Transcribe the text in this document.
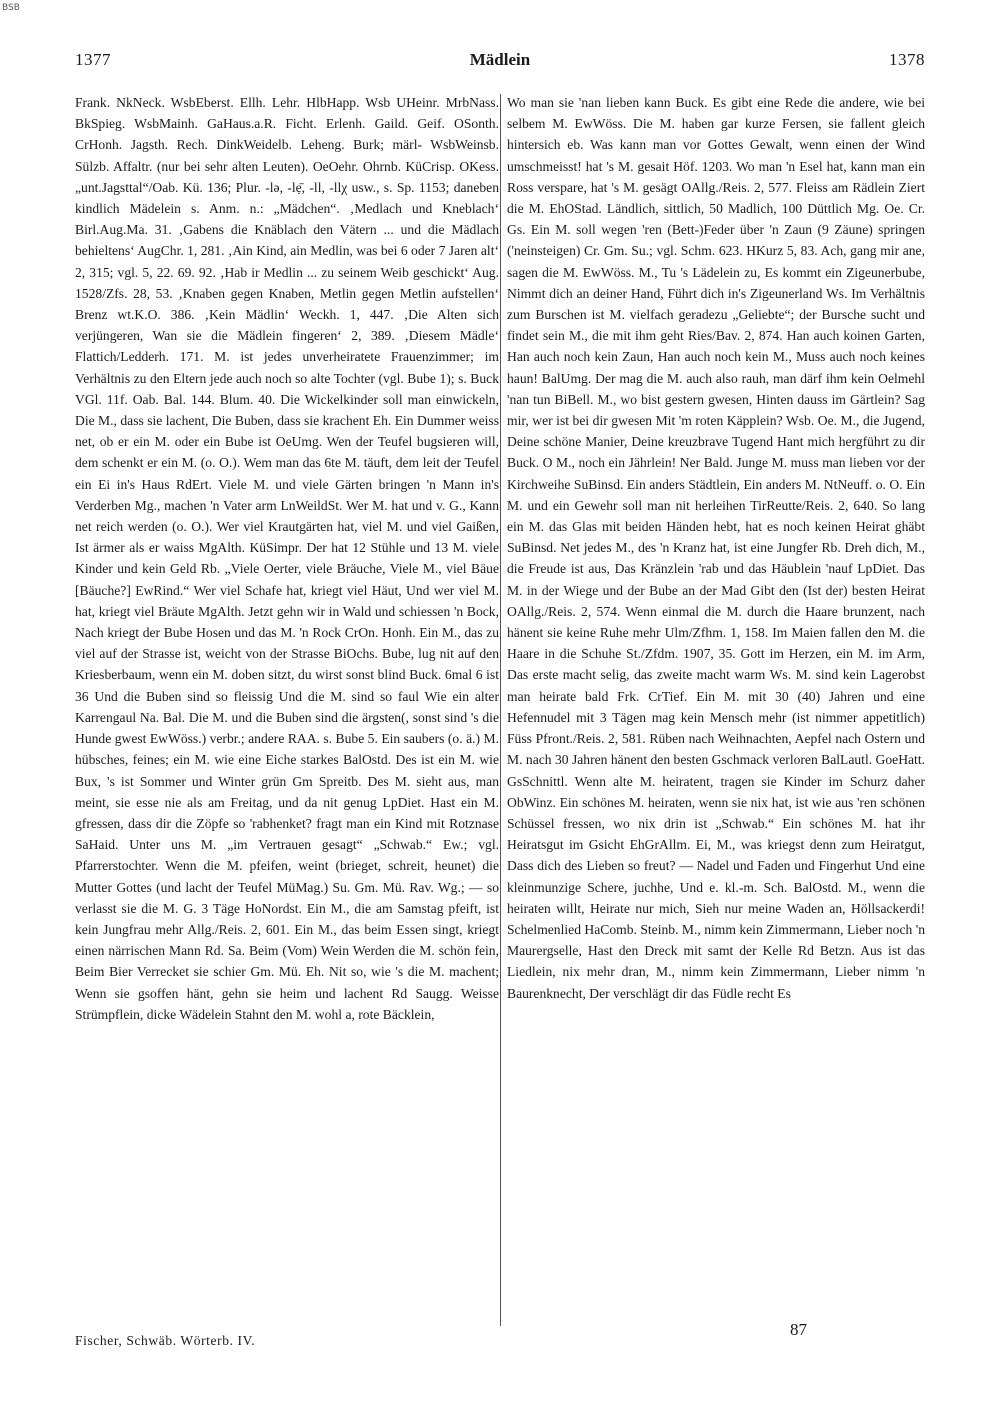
BSB
1377	Mädlein	1378

Frank. NkNeck. WsbEberst. Ellh. Lehr. HlbHapp. Wsb UHeinr. MrbNass. BkSpieg. WsbMainh. GaHaus.a.R. Ficht. Erlenh. Gaild. Geif. OSonth. CrHonh. Jagsth. Rech. DinkWeidelb. Leheng. Burk; märl- WsbWeinsb. Sülzb. Affaltr. (nur bei sehr alten Leuten). OeOehr. Ohrnb. KüCrisp. OKess. „unt.Jagsttal“/Oab. Kü. 136; Plur. -lə, -lẹ̄, -ll, -llχ usw., s. Sp. 1153; daneben kindlich Mädelein s. Anm. n.: „Mädchen“. ‚Medlach und Kneblach‘ Birl.Aug.Ma. 31. ‚Gabens die Knäblach den Vätern ... und die Mädlach behieltens‘ AugChr. 1, 281. ‚Ain Kind, ain Medlin, was bei 6 oder 7 Jaren alt‘ 2, 315; vgl. 5, 22. 69. 92. ‚Hab ir Medlin ... zu seinem Weib geschickt‘ Aug. 1528/Zfs. 28, 53. ‚Knaben gegen Knaben, Metlin gegen Metlin aufstellen‘ Brenz wt.K.O. 386. ‚Kein Mädlin‘ Weckh. 1, 447. ‚Die Alten sich verjüngeren, Wan sie die Mädlein fingeren‘ 2, 389. ‚Diesem Mädle‘ Flattich/Ledderh. 171. M. ist jedes unverheiratete Frauenzimmer; im Verhältnis zu den Eltern jede auch noch so alte Tochter (vgl. Bube 1); s. Buck VGl. 11f. Oab. Bal. 144. Blum. 40. Die Wickelkinder soll man einwickeln, Die M., dass sie lachent, Die Buben, dass sie krachent Eh. Ein Dummer weiss net, ob er ein M. oder ein Bube ist OeUmg. Wen der Teufel bugsieren will, dem schenkt er ein M. (o. O.). Wem man das 6te M. täuft, dem leit der Teufel ein Ei in's Haus RdErt. Viele M. und viele Gärten bringen 'n Mann in's Verderben Mg., machen 'n Vater arm LnWeildSt. Wer M. hat und v. G., Kann net reich werden (o. O.). Wer viel Krautgärten hat, viel M. und viel Gaißen, Ist ärmer als er waiss MgAlth. KüSimpr. Der hat 12 Stühle und 13 M. viele Kinder und kein Geld Rb. „Viele Oerter, viele Bräuche, Viele M., viel Bäue [Bäuche?] EwRind.“ Wer viel Schafe hat, kriegt viel Häut, Und wer viel M. hat, kriegt viel Bräute MgAlth. Jetzt gehn wir in Wald und schiessen 'n Bock, Nach kriegt der Bube Hosen und das M. 'n Rock CrOn. Honh. Ein M., das zu viel auf der Strasse ist, weicht von der Strasse BiOchs. Bube, lug nit auf den Kriesberbaum, wenn ein M. doben sitzt, du wirst sonst blind Buck. 6mal 6 ist 36 Und die Buben sind so fleissig Und die M. sind so faul Wie ein alter Karrengaul Na. Bal. Die M. und die Buben sind die ärgsten(, sonst sind 's die Hunde gwest EwWöss.) verbr.; andere RAA. s. Bube 5. Ein saubers (o. ä.) M. hübsches, feines; ein M. wie eine Eiche starkes BalOstd. Des ist ein M. wie Bux, 's ist Sommer und Winter grün Gm Spreitb. Des M. sieht aus, man meint, sie esse nie als am Freitag, und da nit genug LpDiet. Hast ein M. gfressen, dass dir die Zöpfe so 'rabhenket? fragt man ein Kind mit Rotznase SaHaid. Unter uns M. „im Vertrauen gesagt“ „Schwab.“ Ew.; vgl. Pfarrerstochter. Wenn die M. pfeifen, weint (brieget, schreit, heunet) die Mutter Gottes (und lacht der Teufel MüMag.) Su. Gm. Mü. Rav. Wg.; — so verlasst sie die M. G. 3 Täge HoNordst. Ein M., die am Samstag pfeift, ist kein Jungfrau mehr Allg./Reis. 2, 601. Ein M., das beim Essen singt, kriegt einen närrischen Mann Rd. Sa. Beim (Vom) Wein Werden die M. schön fein, Beim Bier Verrecket sie schier Gm. Mü. Eh. Nit so, wie 's die M. machent; Wenn sie gsoffen hänt, gehn sie heim und lachent Rd Saugg. Weisse Strümpflein, dicke Wädelein Stahnt den M. wohl a, rote Bäcklein,

Wo man sie 'nan lieben kann Buck. Es gibt eine Rede die andere, wie bei selbem M. EwWöss. Die M. haben gar kurze Fersen, sie fallent gleich hintersich eb. Was kann man vor Gottes Gewalt, wenn einen der Wind umschmeisst! hat 's M. gesait Höf. 1203. Wo man 'n Esel hat, kann man ein Ross verspare, hat 's M. gesägt OAllg./Reis. 2, 577. Fleiss am Rädlein Ziert die M. EhOStad. Ländlich, sittlich, 50 Madlich, 100 Düttlich Mg. Oe. Cr. Gs. Ein M. soll wegen 'ren (Bett-)Feder über 'n Zaun (9 Zäune) springen ('neinsteigen) Cr. Gm. Su.; vgl. Schm. 623. HKurz 5, 83. Ach, gang mir ane, sagen die M. EwWöss. M., Tu 's Lädelein zu, Es kommt ein Zigeunerbube, Nimmt dich an deiner Hand, Führt dich in's Zigeunerland Ws. Im Verhältnis zum Burschen ist M. vielfach geradezu „Geliebte“; der Bursche sucht und findet sein M., die mit ihm geht Ries/Bav. 2, 874. Han auch koinen Garten, Han auch noch kein Zaun, Han auch noch kein M., Muss auch noch keines haun! BalUmg. Der mag die M. auch also rauh, man därf ihm kein Oelmehl 'nan tun BiBell. M., wo bist gestern gwesen, Hinten dauss im Gärtlein? Sag mir, wer ist bei dir gwesen Mit 'm roten Käpplein? Wsb. Oe. M., die Jugend, Deine schöne Manier, Deine kreuzbrave Tugend Hant mich hergführt zu dir Buck. O M., noch ein Jährlein! Ner Bald. Junge M. muss man lieben vor der Kirchweihe SuBinsd. Ein anders Städtlein, Ein anders M. NtNeuff. o. O. Ein M. und ein Gewehr soll man nit herleihen TirReutte/Reis. 2, 640. So lang ein M. das Glas mit beiden Händen hebt, hat es noch keinen Heirat ghäbt SuBinsd. Net jedes M., des 'n Kranz hat, ist eine Jungfer Rb. Dreh dich, M., die Freude ist aus, Das Kränzlein 'rab und das Häublein 'nauf LpDiet. Das M. in der Wiege und der Bube an der Mad Gibt den (Ist der) besten Heirat OAllg./Reis. 2, 574. Wenn einmal die M. durch die Haare brunzent, nach hänent sie keine Ruhe mehr Ulm/Zfhm. 1, 158. Im Maien fallen den M. die Haare in die Schuhe St./Zfdm. 1907, 35. Gott im Herzen, ein M. im Arm, Das erste macht selig, das zweite macht warm Ws. M. sind kein Lagerobst man heirate bald Frk. CrTief. Ein M. mit 30 (40) Jahren und eine Hefennudel mit 3 Tägen mag kein Mensch mehr (ist nimmer appetitlich) Füss Pfront./Reis. 2, 581. Rüben nach Weihnachten, Aepfel nach Ostern und M. nach 30 Jahren hänent den besten Gschmack verloren BalLautl. GoeHatt. GsSchnittl. Wenn alte M. heiratent, tragen sie Kinder im Schurz daher ObWinz. Ein schönes M. heiraten, wenn sie nix hat, ist wie aus 'ren schönen Schüssel fressen, wo nix drin ist „Schwab.“ Ein schönes M. hat ihr Heiratsgut im Gsicht EhGrAllm. Ei, M., was kriegst denn zum Heiratgut, Dass dich des Lieben so freut? — Nadel und Faden und Fingerhut Und eine kleinmunzige Schere, juchhe, Und e. kl.-m. Sch. BalOstd. M., wenn die heiraten willt, Heirate nur mich, Sieh nur meine Waden an, Höllsackerdi! Schelmenlied HaComb. Steinb. M., nimm kein Zimmermann, Lieber noch 'n Maurergselle, Hast den Dreck mit samt der Kelle Rd Betzn. Aus ist das Liedlein, nix mehr dran, M., nimm kein Zimmermann, Lieber nimm 'n Baurenknecht, Der verschlägt dir das Füdle recht Es

Fischer, Schwäb. Wörterb. IV.
87
